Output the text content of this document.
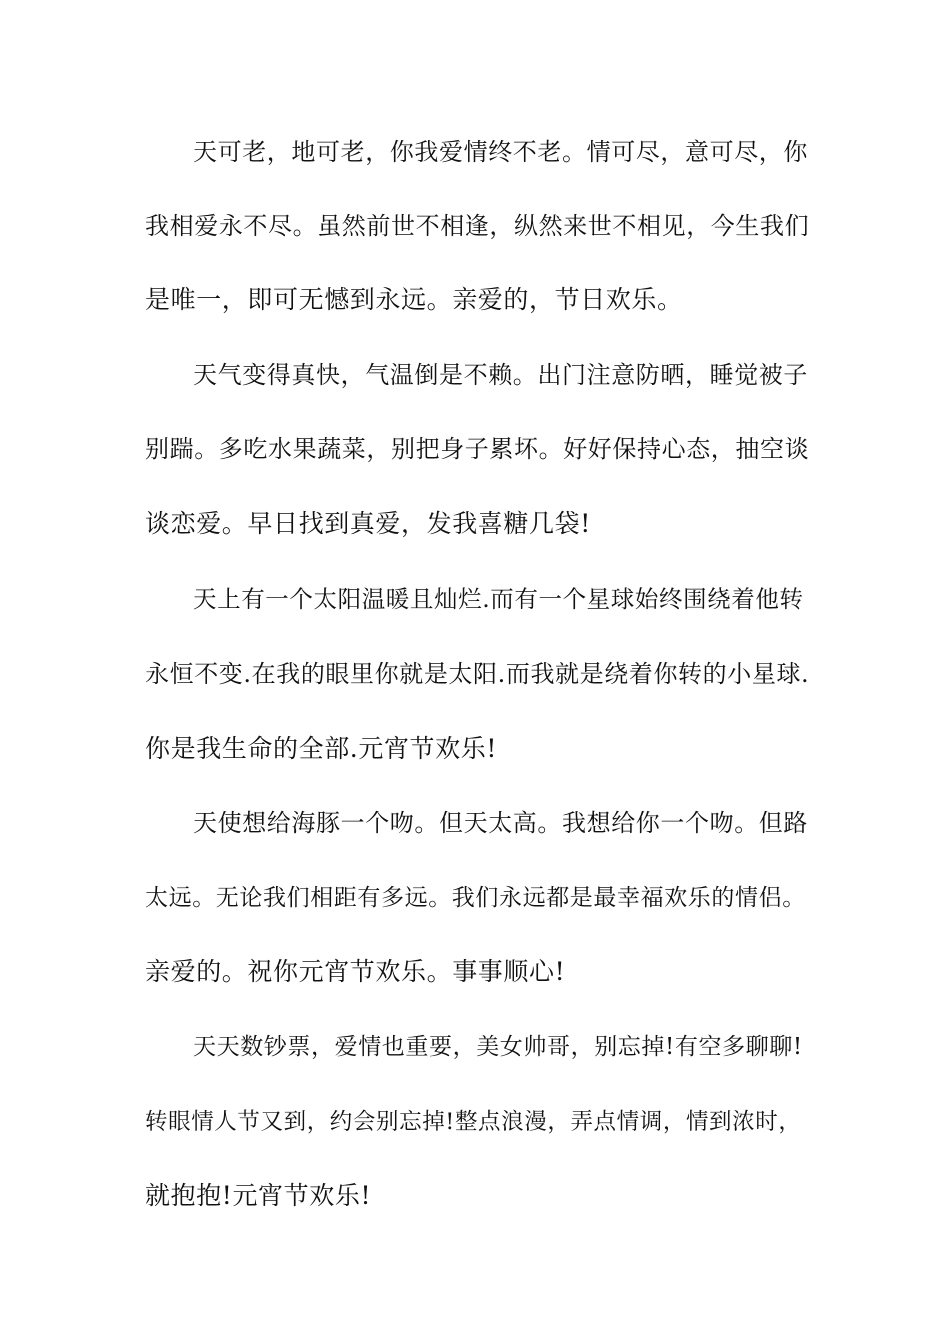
天可老，地可老，你我爱情终不老。情可尽，意可尽，你
我相爱永不尽。虽然前世不相逢，纵然来世不相见，今生我们
是唯一，即可无憾到永远。亲爱的，节日欢乐。
天气变得真快，气温倒是不赖。出门注意防晒，睡觉被子
别踹。多吃水果蔬菜，别把身子累坏。好好保持心态，抽空谈
谈恋爱。早日找到真爱，发我喜糖几袋!
天上有一个太阳温暖且灿烂.而有一个星球始终围绕着他转
永恒不变.在我的眼里你就是太阳.而我就是绕着你转的小星球.
你是我生命的全部.元宵节欢乐!
天使想给海豚一个吻。但天太高。我想给你一个吻。但路
太远。无论我们相距有多远。我们永远都是最幸福欢乐的情侣。
亲爱的。祝你元宵节欢乐。事事顺心!
天天数钞票，爱情也重要，美女帅哥，别忘掉!有空多聊聊!
转眼情人节又到，约会别忘掉!整点浪漫，弄点情调，情到浓时，
就抱抱!元宵节欢乐!
